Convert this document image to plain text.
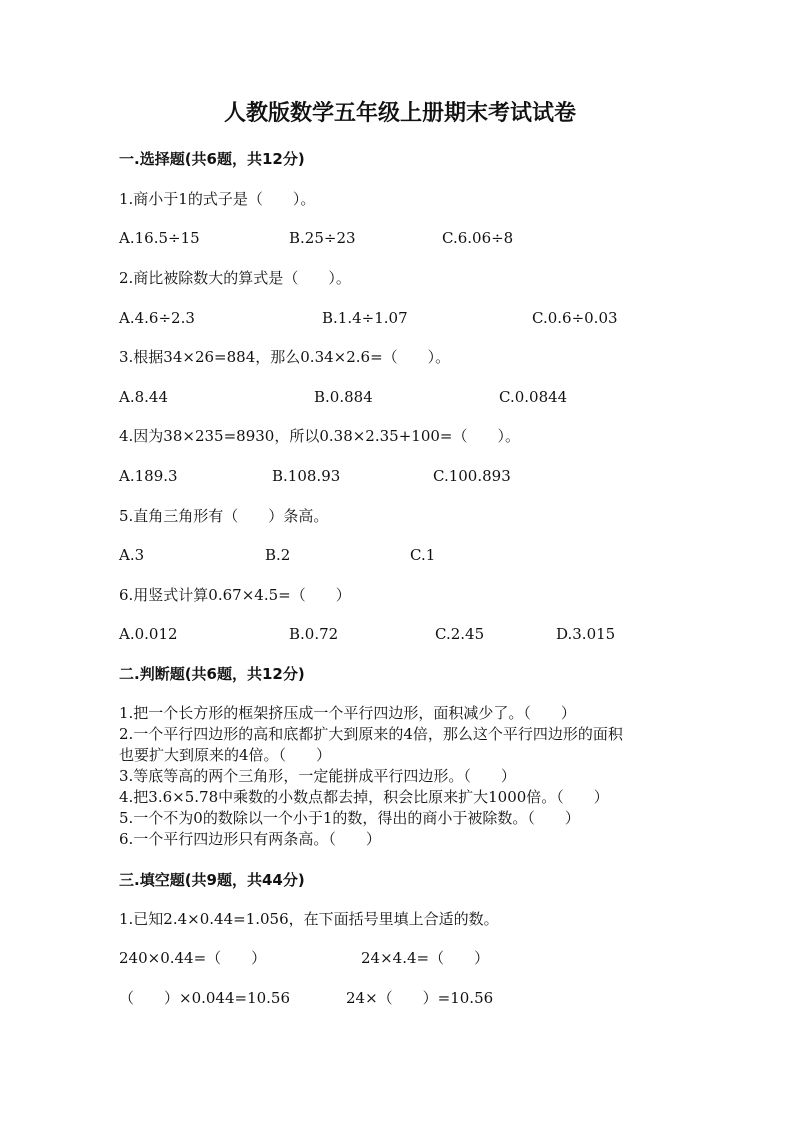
人教版数学五年级上册期末考试试卷
一.选择题(共6题，共12分)
1.商小于1的式子是（　　）。
A.16.5÷15	B.25÷23	C.6.06÷8
2.商比被除数大的算式是（　　）。
A.4.6÷2.3	B.1.4÷1.07	C.0.6÷0.03
3.根据34×26=884，那么0.34×2.6=（　　）。
A.8.44	B.0.884	C.0.0844
4.因为38×235=8930，所以0.38×2.35+100=（　　）。
A.189.3	B.108.93	C.100.893
5.直角三角形有（　　）条高。
A.3	B.2	C.1
6.用竖式计算0.67×4.5=（　　）
A.0.012	B.0.72	C.2.45	D.3.015
二.判断题(共6题，共12分)
1.把一个长方形的框架挤压成一个平行四边形，面积减少了。（　　）
2.一个平行四边形的高和底都扩大到原来的4倍，那么这个平行四边形的面积
也要扩大到原来的4倍。（　　）
3.等底等高的两个三角形，一定能拼成平行四边形。（　　）
4.把3.6×5.78中乘数的小数点都去掉，积会比原来扩大1000倍。（　　）
5.一个不为0的数除以一个小于1的数，得出的商小于被除数。（　　）
6.一个平行四边形只有两条高。（　　）
三.填空题(共9题，共44分)
1.已知2.4×0.44=1.056，在下面括号里填上合适的数。
240×0.44=（　　）	24×4.4=（　　）
（　　）×0.044=10.56	24×（　　）=10.56
